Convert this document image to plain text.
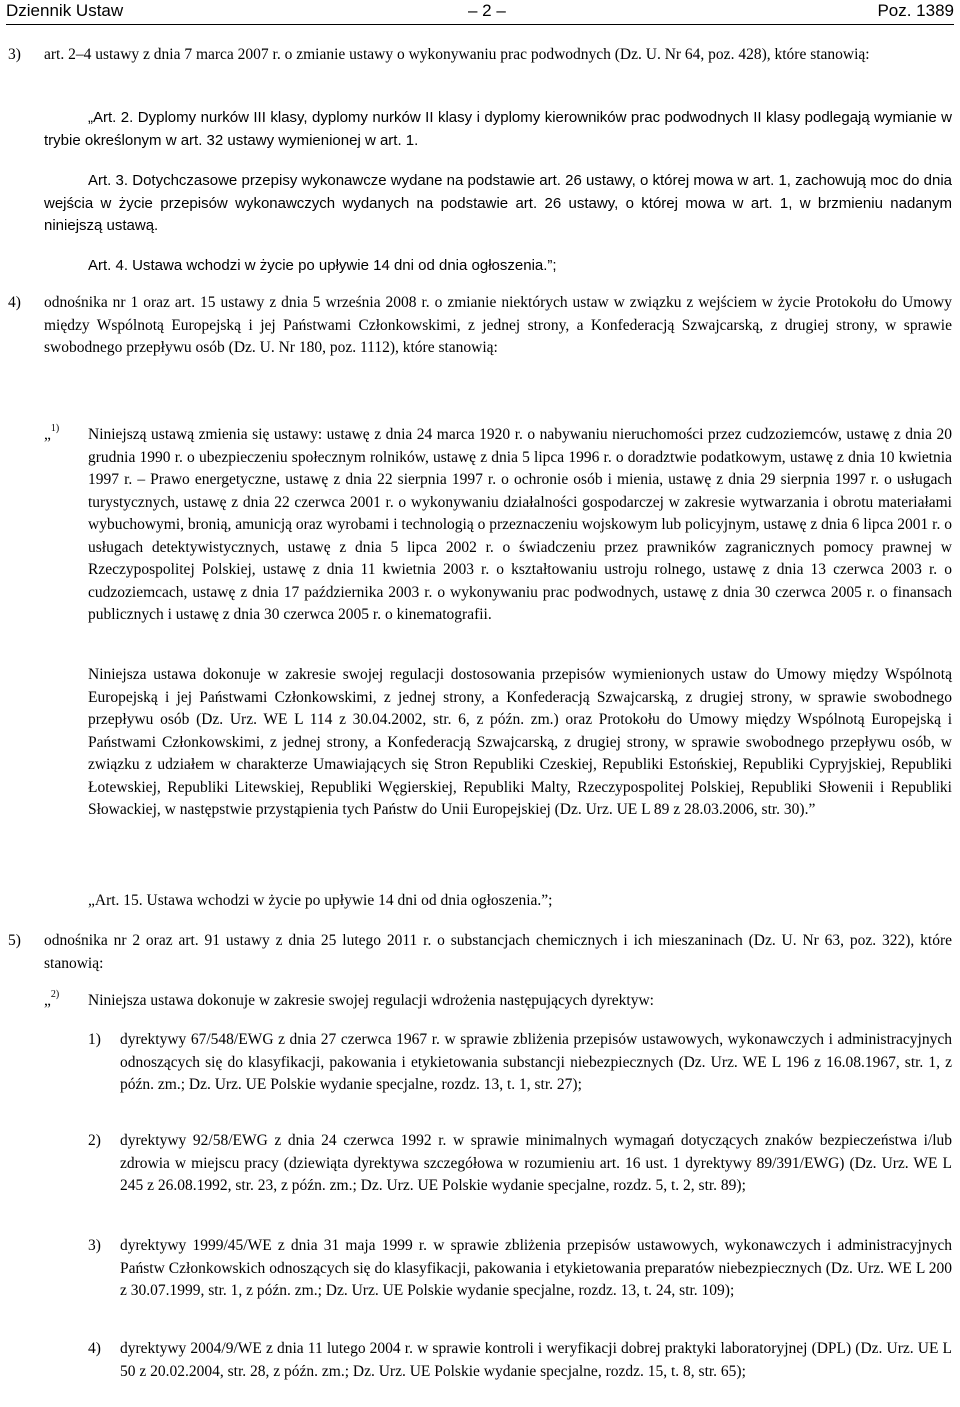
Dziennik Ustaw	– 2 –	Poz. 1389

3) art. 2–4 ustawy z dnia 7 marca 2007 r. o zmianie ustawy o wykonywaniu prac podwodnych (Dz. U. Nr 64, poz. 428), które stanowią:

„Art. 2. Dyplomy nurków III klasy, dyplomy nurków II klasy i dyplomy kierowników prac podwodnych II klasy podlegają wymianie w trybie określonym w art. 32 ustawy wymienionej w art. 1.

Art. 3. Dotychczasowe przepisy wykonawcze wydane na podstawie art. 26 ustawy, o której mowa w art. 1, zachowują moc do dnia wejścia w życie przepisów wykonawczych wydanych na podstawie art. 26 ustawy, o której mowa w art. 1, w brzmieniu nadanym niniejszą ustawą.

Art. 4. Ustawa wchodzi w życie po upływie 14 dni od dnia ogłoszenia.”;

4) odnośnika nr 1 oraz art. 15 ustawy z dnia 5 września 2008 r. o zmianie niektórych ustaw w związku z wejściem w życie Protokołu do Umowy między Wspólnotą Europejską i jej Państwami Członkowskimi, z jednej strony, a Konfederacją Szwajcarską, z drugiej strony, w sprawie swobodnego przepływu osób (Dz. U. Nr 180, poz. 1112), które stanowią:

„$^{1)}$ Niniejszą ustawą zmienia się ustawy: ustawę z dnia 24 marca 1920 r. o nabywaniu nieruchomości przez cudzoziemców, ustawę z dnia 20 grudnia 1990 r. o ubezpieczeniu społecznym rolników, ustawę z dnia 5 lipca 1996 r. o doradztwie podatkowym, ustawę z dnia 10 kwietnia 1997 r. – Prawo energetyczne, ustawę z dnia 22 sierpnia 1997 r. o ochronie osób i mienia, ustawę z dnia 29 sierpnia 1997 r. o usługach turystycznych, ustawę z dnia 22 czerwca 2001 r. o wykonywaniu działalności gospodarczej w zakresie wytwarzania i obrotu materiałami wybuchowymi, bronią, amunicją oraz wyrobami i technologią o przeznaczeniu wojskowym lub policyjnym, ustawę z dnia 6 lipca 2001 r. o usługach detektywistycznych, ustawę z dnia 5 lipca 2002 r. o świadczeniu przez prawników zagranicznych pomocy prawnej w Rzeczypospolitej Polskiej, ustawę z dnia 11 kwietnia 2003 r. o kształtowaniu ustroju rolnego, ustawę z dnia 13 czerwca 2003 r. o cudzoziemcach, ustawę z dnia 17 października 2003 r. o wykonywaniu prac podwodnych, ustawę z dnia 30 czerwca 2005 r. o finansach publicznych i ustawę z dnia 30 czerwca 2005 r. o kinematografii.

Niniejsza ustawa dokonuje w zakresie swojej regulacji dostosowania przepisów wymienionych ustaw do Umowy między Wspólnotą Europejską i jej Państwami Członkowskimi, z jednej strony, a Konfederacją Szwajcarską, z drugiej strony, w sprawie swobodnego przepływu osób (Dz. Urz. WE L 114 z 30.04.2002, str. 6, z późn. zm.) oraz Protokołu do Umowy między Wspólnotą Europejską i Państwami Członkowskimi, z jednej strony, a Konfederacją Szwajcarską, z drugiej strony, w sprawie swobodnego przepływu osób, w związku z udziałem w charakterze Umawiających się Stron Republiki Czeskiej, Republiki Estońskiej, Republiki Cypryjskiej, Republiki Łotewskiej, Republiki Litewskiej, Republiki Węgierskiej, Republiki Malty, Rzeczypospolitej Polskiej, Republiki Słowenii i Republiki Słowackiej, w następstwie przystąpienia tych Państw do Unii Europejskiej (Dz. Urz. UE L 89 z 28.03.2006, str. 30).”

„Art. 15. Ustawa wchodzi w życie po upływie 14 dni od dnia ogłoszenia.”;

5) odnośnika nr 2 oraz art. 91 ustawy z dnia 25 lutego 2011 r. o substancjach chemicznych i ich mieszaninach (Dz. U. Nr 63, poz. 322), które stanowią:

„$^{2)}$ Niniejsza ustawa dokonuje w zakresie swojej regulacji wdrożenia następujących dyrektyw:

1) dyrektywy 67/548/EWG z dnia 27 czerwca 1967 r. w sprawie zbliżenia przepisów ustawowych, wykonawczych i administracyjnych odnoszących się do klasyfikacji, pakowania i etykietowania substancji niebezpiecznych (Dz. Urz. WE L 196 z 16.08.1967, str. 1, z późn. zm.; Dz. Urz. UE Polskie wydanie specjalne, rozdz. 13, t. 1, str. 27);

2) dyrektywy 92/58/EWG z dnia 24 czerwca 1992 r. w sprawie minimalnych wymagań dotyczących znaków bezpieczeństwa i/lub zdrowia w miejscu pracy (dziewiąta dyrektywa szczegółowa w rozumieniu art. 16 ust. 1 dyrektywy 89/391/EWG) (Dz. Urz. WE L 245 z 26.08.1992, str. 23, z późn. zm.; Dz. Urz. UE Polskie wydanie specjalne, rozdz. 5, t. 2, str. 89);

3) dyrektywy 1999/45/WE z dnia 31 maja 1999 r. w sprawie zbliżenia przepisów ustawowych, wykonawczych i administracyjnych Państw Członkowskich odnoszących się do klasyfikacji, pakowania i etykietowania preparatów niebezpiecznych (Dz. Urz. WE L 200 z 30.07.1999, str. 1, z późn. zm.; Dz. Urz. UE Polskie wydanie specjalne, rozdz. 13, t. 24, str. 109);

4) dyrektywy 2004/9/WE z dnia 11 lutego 2004 r. w sprawie kontroli i weryfikacji dobrej praktyki laboratoryjnej (DPL) (Dz. Urz. UE L 50 z 20.02.2004, str. 28, z późn. zm.; Dz. Urz. UE Polskie wydanie specjalne, rozdz. 15, t. 8, str. 65);
